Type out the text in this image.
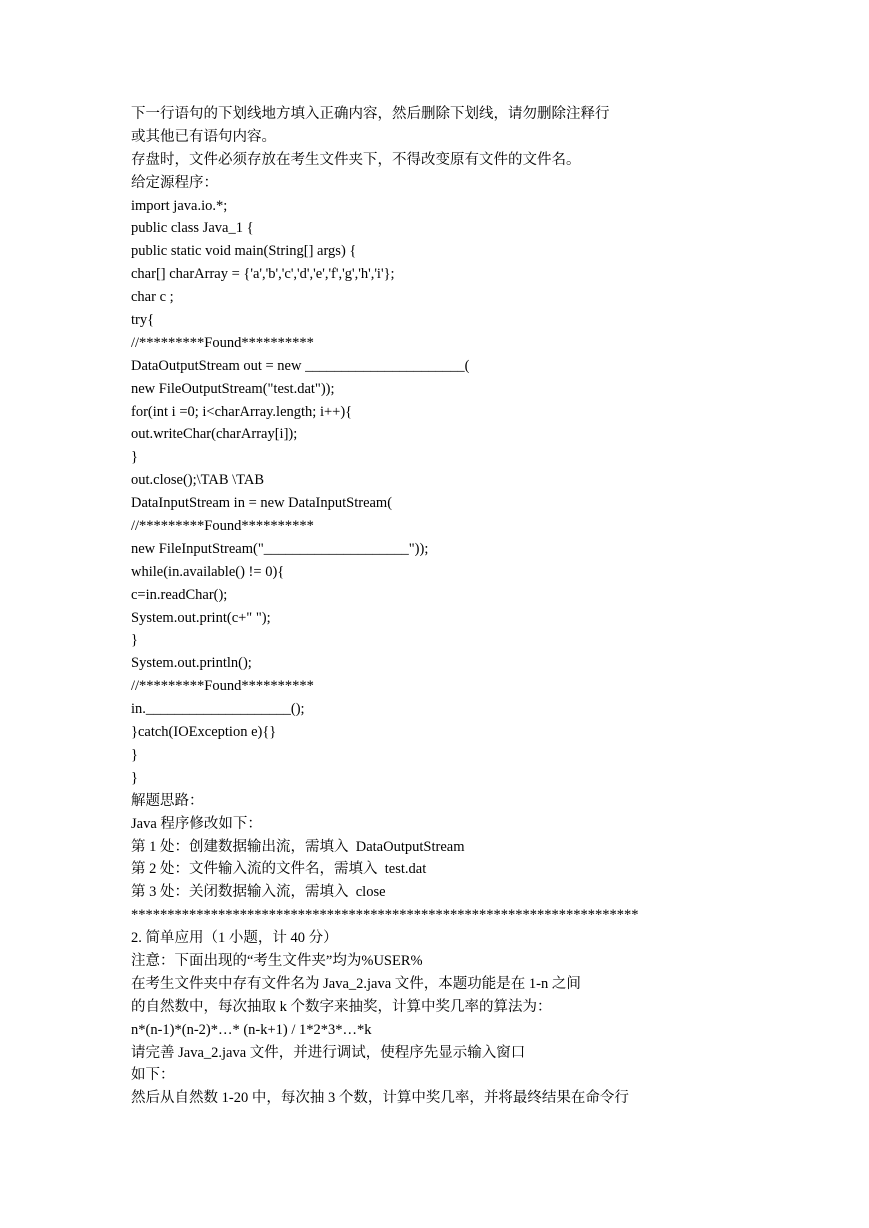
下一行语句的下划线地方填入正确内容，然后删除下划线，请勿删除注释行
或其他已有语句内容。
存盘时，文件必须存放在考生文件夹下，不得改变原有文件的文件名。
给定源程序：
import java.io.*;
public class Java_1 {
public static void main(String[] args) {
char[] charArray = {'a','b','c','d','e','f','g','h','i'};
char c ;
try{
//*********Found**********
DataOutputStream out = new ______________________(
new FileOutputStream("test.dat"));
for(int i =0; i<charArray.length; i++){
out.writeChar(charArray[i]);
}
out.close();\TAB \TAB
DataInputStream in = new DataInputStream(
//*********Found**********
new FileInputStream("____________________"));
while(in.available() != 0){
c=in.readChar();
System.out.print(c+" ");
}
System.out.println();
//*********Found**********
in.____________________();
}catch(IOException e){}
}
}
解题思路：
Java 程序修改如下：
第 1 处：创建数据输出流，需填入  DataOutputStream
第 2 处：文件输入流的文件名，需填入  test.dat
第 3 处：关闭数据输入流，需填入  close
**********************************************************************
2. 简单应用（1 小题，计 40 分）
注意：下面出现的“考生文件夹”均为%USER%
在考生文件夹中存有文件名为 Java_2.java 文件，本题功能是在 1-n 之间
的自然数中，每次抽取 k 个数字来抽奖，计算中奖几率的算法为：
n*(n-1)*(n-2)*…* (n-k+1) / 1*2*3*…*k
请完善 Java_2.java 文件，并进行调试，使程序先显示输入窗口
如下：
然后从自然数 1-20 中，每次抽 3 个数，计算中奖几率，并将最终结果在命令行
